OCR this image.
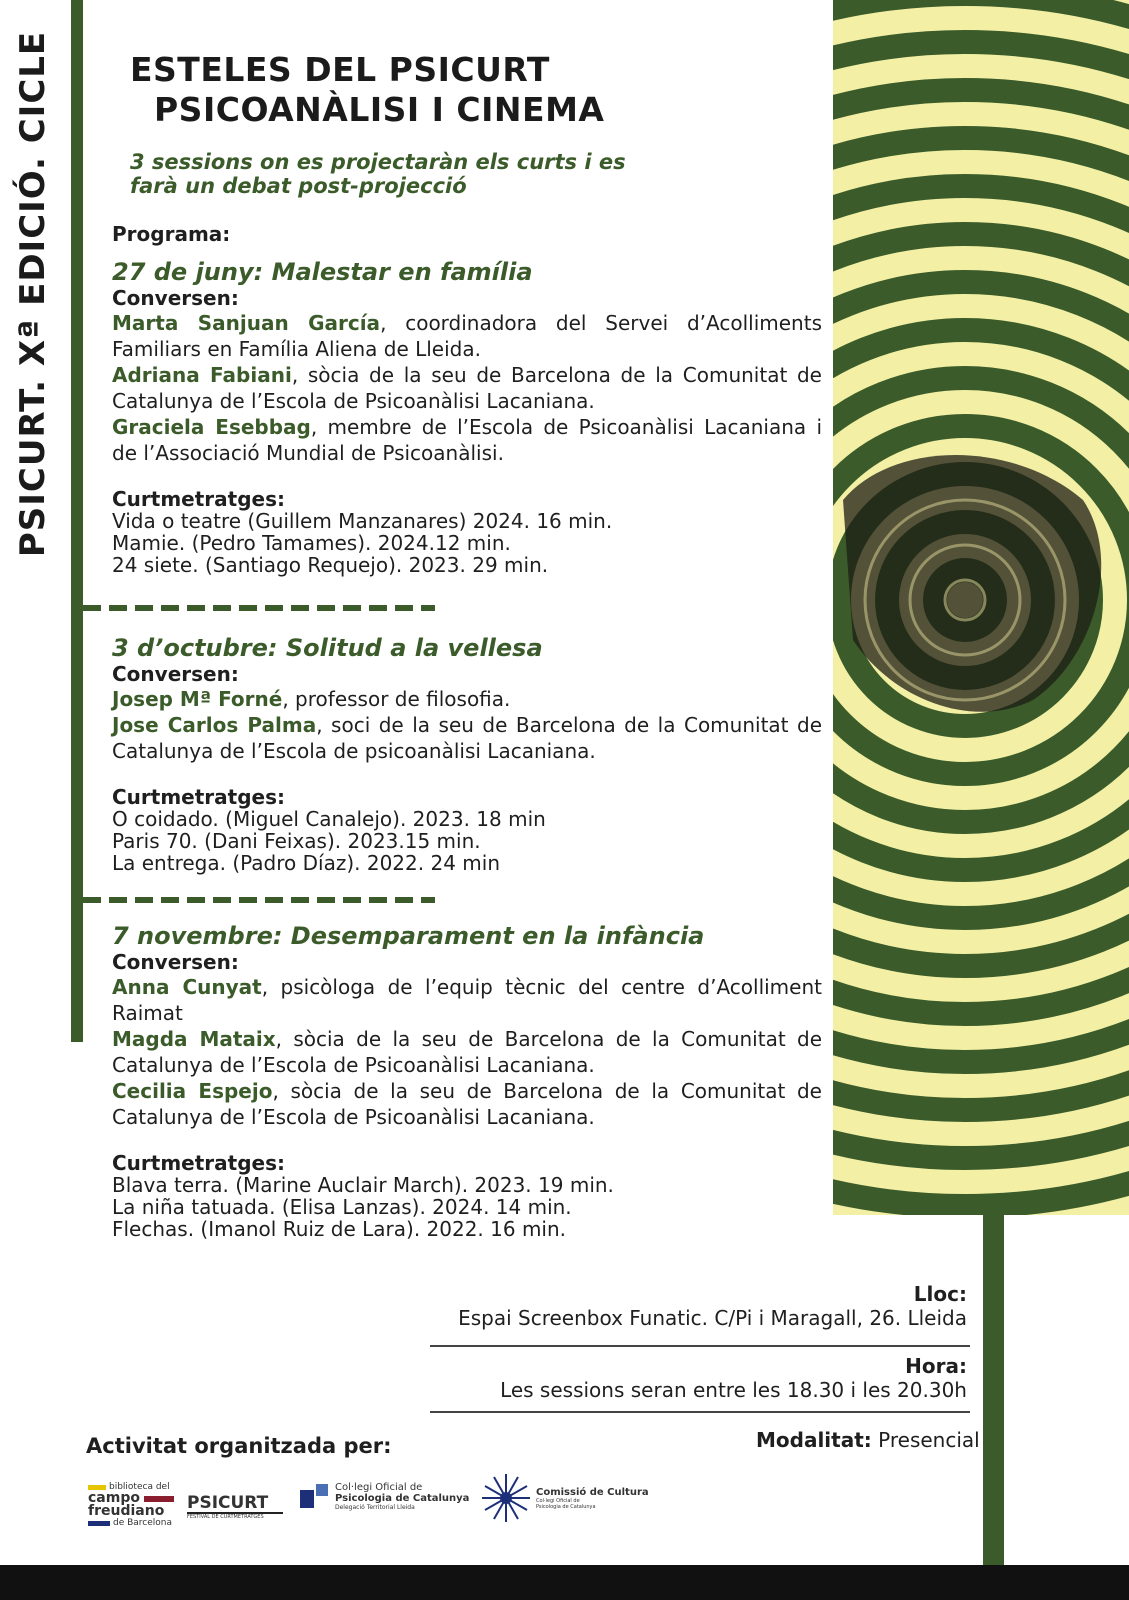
PSICURT. Xª EDICIÓ. CICLE ESTELES DEL PSICURT
PSICOANÀLISI I CINEMA
3 sessions on es projectaràn els curts i es
farà un debat post-projecció
Programa:
27 de juny: Malestar en família
Conversen:
Marta Sanjuan García, coordinadora del Servei d’Acolliments Familiars en Família Aliena de Lleida.
Adriana Fabiani, sòcia de la seu de Barcelona de la Comunitat de Catalunya de l’Escola de Psicoanàlisi Lacaniana.
Graciela Esebbag, membre de l’Escola de Psicoanàlisi Lacaniana i de l’Associació Mundial de Psicoanàlisi.
Curtmetratges:
Vida o teatre (Guillem Manzanares) 2024. 16 min.
Mamie. (Pedro Tamames). 2024.12 min.
24 siete. (Santiago Requejo). 2023. 29 min.
3 d’octubre: Solitud a la vellesa
Conversen:
Josep Mª Forné, professor de filosofia.
Jose Carlos Palma, soci de la seu de Barcelona de la Comunitat de Catalunya de l’Escola de psicoanàlisi Lacaniana.
Curtmetratges:
O coidado. (Miguel Canalejo). 2023. 18 min
Paris 70. (Dani Feixas). 2023.15 min.
La entrega. (Padro Díaz). 2022. 24 min
7 novembre: Desemparament en la infància
Conversen:
Anna Cunyat, psicòloga de l’equip tècnic del centre d’Acolliment Raimat
Magda Mataix, sòcia de la seu de Barcelona de la Comunitat de Catalunya de l’Escola de Psicoanàlisi Lacaniana.
Cecilia Espejo, sòcia de la seu de Barcelona de la Comunitat de Catalunya de l’Escola de Psicoanàlisi Lacaniana.
Curtmetratges:
Blava terra. (Marine Auclair March). 2023. 19 min.
La niña tatuada. (Elisa Lanzas). 2024. 14 min.
Flechas. (Imanol Ruiz de Lara). 2022. 16 min.
Lloc:
Espai Screenbox Funatic. C/Pi i Maragall, 26. Lleida
Hora:
Les sessions seran entre les 18.30 i les 20.30h
Modalitat: Presencial
Activitat organitzada per:
biblioteca del
campo
freudiano
de Barcelona
PSICURT
FESTIVAL DE CURTMETRATGES
Col·legi Oficial de
Psicologia de Catalunya
Delegació Territorial Lleida
Comissió de Cultura
Col·legi Oficial de
Psicologia de Catalunya
